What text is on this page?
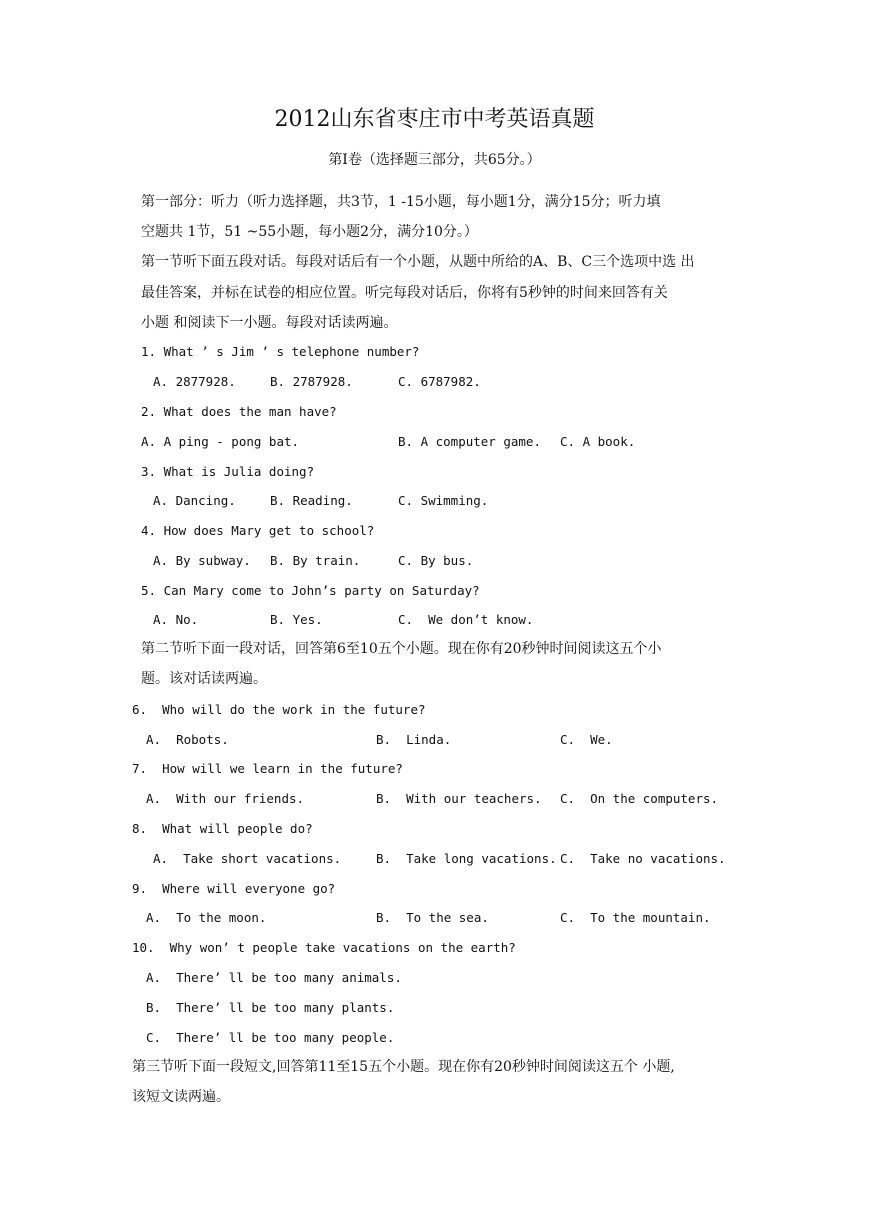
2012山东省枣庄市中考英语真题
第Ⅰ卷（选择题三部分，共65分。）
第一部分：听力（听力选择题，共3节，1 -15小题，每小题1分，满分15分；听力填
空题共 1节，51 ~55小题，每小题2分，满分10分。）
第一节听下面五段对话。每段对话后有一个小题，从题中所给的A、B、C三个选项中选 出
最佳答案，并标在试卷的相应位置。听完每段对话后，你将有5秒钟的时间来回答有关
小题 和阅读下一小题。每段对话读两遍。
1. What ’ s Jim ’ s telephone number?
A. 2877928.	B. 2787928.	C. 6787982.
2. What does the man have?
A. A ping - pong bat.	B. A computer game. C. A book.
3. What is Julia doing?
A. Dancing.	B. Reading.	C. Swimming.
4. How does Mary get to school?
A. By subway. B. By train.	C. By bus.
5. Can Mary come to John’s party on Saturday?
A. No.	B. Yes.	C.  We don’t know.
第二节听下面一段对话，回答第6至10五个小题。现在你有20秒钟时间阅读这五个小
题。该对话读两遍。
6.  Who will do the work in the future?
A.  Robots.	B.  Linda.	C.  We.
7.  How will we learn in the future?
A.  With our friends.	B.  With our teachers. C.  On the computers.
8.  What will people do?
A.  Take short vacations.	B.  Take long vacations. C.  Take no vacations.
9.  Where will everyone go?
A.  To the moon.	B.  To the sea.	C.  To the mountain.
10.  Why won’ t people take vacations on the earth?
A.  There’ ll be too many animals.
B.  There’ ll be too many plants.
C.  There’ ll be too many people.
第三节听下面一段短文,回答第11至15五个小题。现在你有20秒钟时间阅读这五个 小题,
该短文读两遍。
